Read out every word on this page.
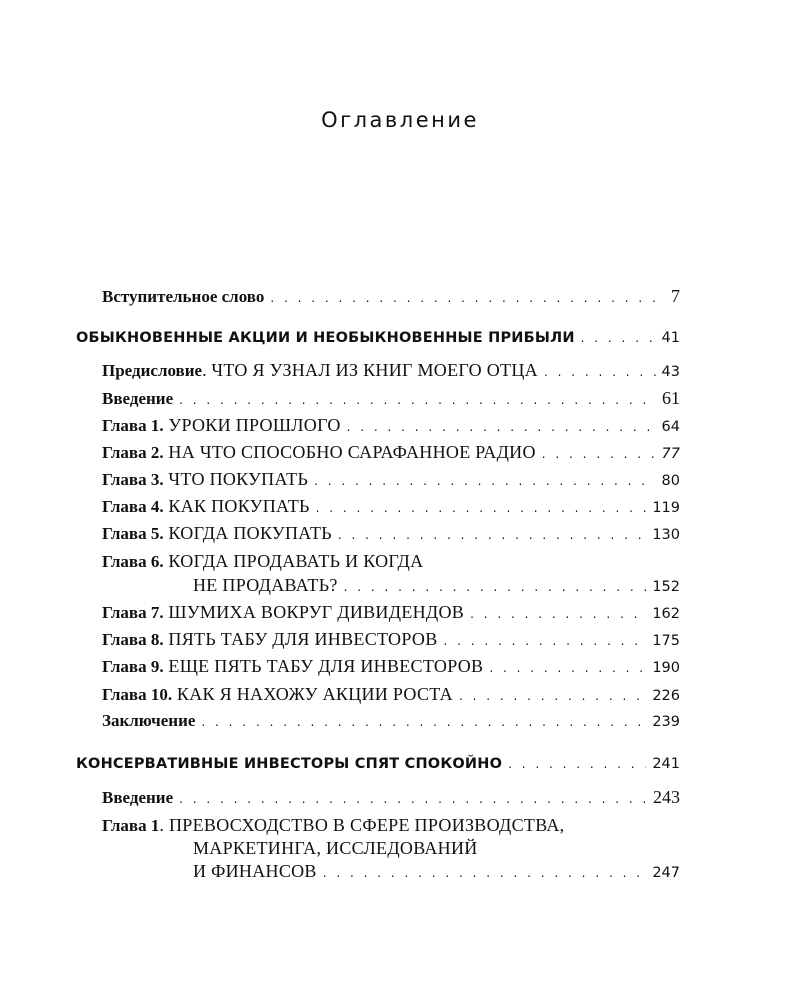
Оглавление
Вступительное слово . . .	7
ОБЫКНОВЕННЫЕ АКЦИИ И НЕОБЫКНОВЕННЫЕ ПРИБЫЛИ . . .	41
Предисловие . ЧТО Я УЗНАЛ ИЗ КНИГ МОЕГО ОТЦА . . .	43
Введение . . .	61
Глава 1. УРОКИ ПРОШЛОГО . . .	64
Глава 2. НА ЧТО СПОСОБНО САРАФАННОЕ РАДИО . . .	77
Глава 3. ЧТО ПОКУПАТЬ . . .	80
Глава 4. КАК ПОКУПАТЬ . . .	119
Глава 5. КОГДА ПОКУПАТЬ . . .	130
Глава 6. КОГДА ПРОДАВАТЬ И КОГДА
НЕ ПРОДАВАТЬ? . . .	152
Глава 7. ШУМИХА ВОКРУГ ДИВИДЕНДОВ . . .	162
Глава 8. ПЯТЬ ТАБУ ДЛЯ ИНВЕСТОРОВ . . .	175
Глава 9. ЕЩЕ ПЯТЬ ТАБУ ДЛЯ ИНВЕСТОРОВ . . .	190
Глава 10. КАК Я НАХОЖУ АКЦИИ РОСТА . . .	226
Заключение . . .	239
КОНСЕРВАТИВНЫЕ ИНВЕСТОРЫ СПЯТ СПОКОЙНО . . .	241
Введение . . .	243
Глава 1. ПРЕВОСХОДСТВО В СФЕРЕ ПРОИЗВОДСТВА,
МАРКЕТИНГА, ИССЛЕДОВАНИЙ
И ФИНАНСОВ . . .	247
